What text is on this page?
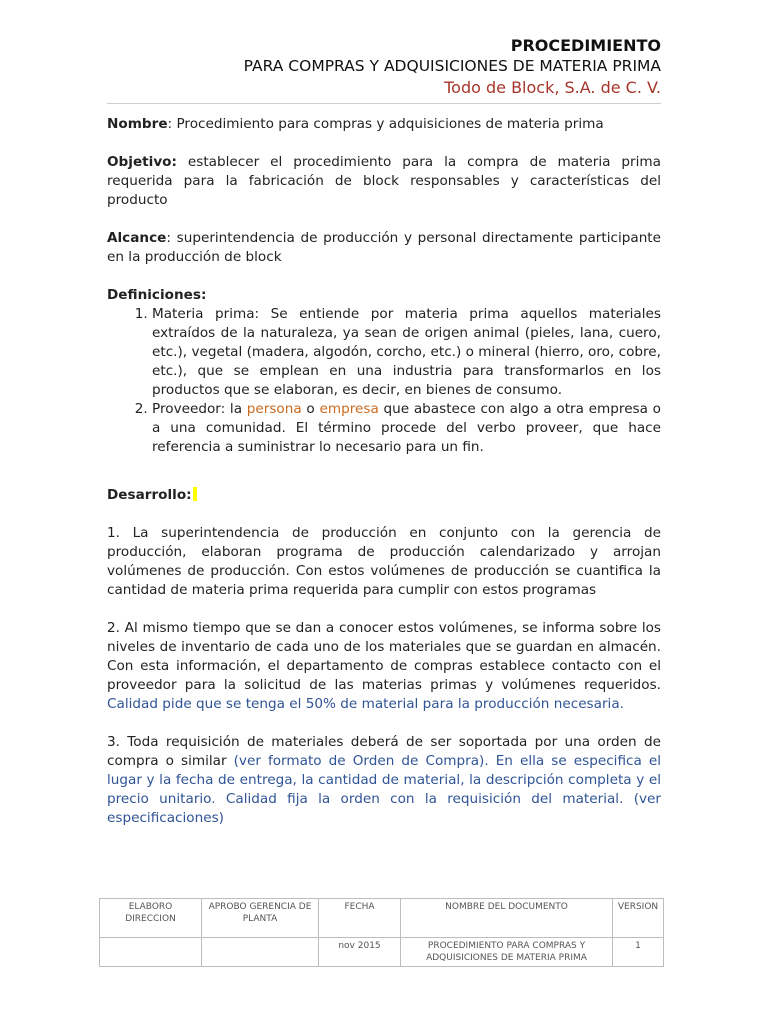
PROCEDIMIENTO
PARA COMPRAS Y ADQUISICIONES DE MATERIA PRIMA
Todo de Block, S.A. de C. V.

Nombre: Procedimiento para compras y adquisiciones de materia prima

Objetivo: establecer el procedimiento para la compra de materia prima requerida para la fabricación de block responsables y características del producto

Alcance: superintendencia de producción y personal directamente participante en la producción de block

Definiciones:

1. Materia prima: Se entiende por materia prima aquellos materiales extraídos de la naturaleza, ya sean de origen animal (pieles, lana, cuero, etc.), vegetal (madera, algodón, corcho, etc.) o mineral (hierro, oro, cobre, etc.), que se emplean en una industria para transformarlos en los productos que se elaboran, es decir, en bienes de consumo.
2. Proveedor: la persona o empresa que abastece con algo a otra empresa o a una comunidad. El término procede del verbo proveer, que hace referencia a suministrar lo necesario para un fin.

Desarrollo:

1. La superintendencia de producción en conjunto con la gerencia de producción, elaboran programa de producción calendarizado y arrojan volúmenes de producción. Con estos volúmenes de producción se cuantifica la cantidad de materia prima requerida para cumplir con estos programas

2. Al mismo tiempo que se dan a conocer estos volúmenes, se informa sobre los niveles de inventario de cada uno de los materiales que se guardan en almacén. Con esta información, el departamento de compras establece contacto con el proveedor para la solicitud de las materias primas y volúmenes requeridos. Calidad pide que se tenga el 50% de material para la producción necesaria.

3. Toda requisición de materiales deberá de ser soportada por una orden de compra o similar (ver formato de Orden de Compra). En ella se especifica el lugar y la fecha de entrega, la cantidad de material, la descripción completa y el precio unitario. Calidad fija la orden con la requisición del material. (ver especificaciones)

ELABORO DIRECCION	APROBO GERENCIA DE PLANTA	FECHA	NOMBRE DEL DOCUMENTO	VERSION
		nov 2015	PROCEDIMIENTO PARA COMPRAS Y ADQUISICIONES DE MATERIA PRIMA	1
